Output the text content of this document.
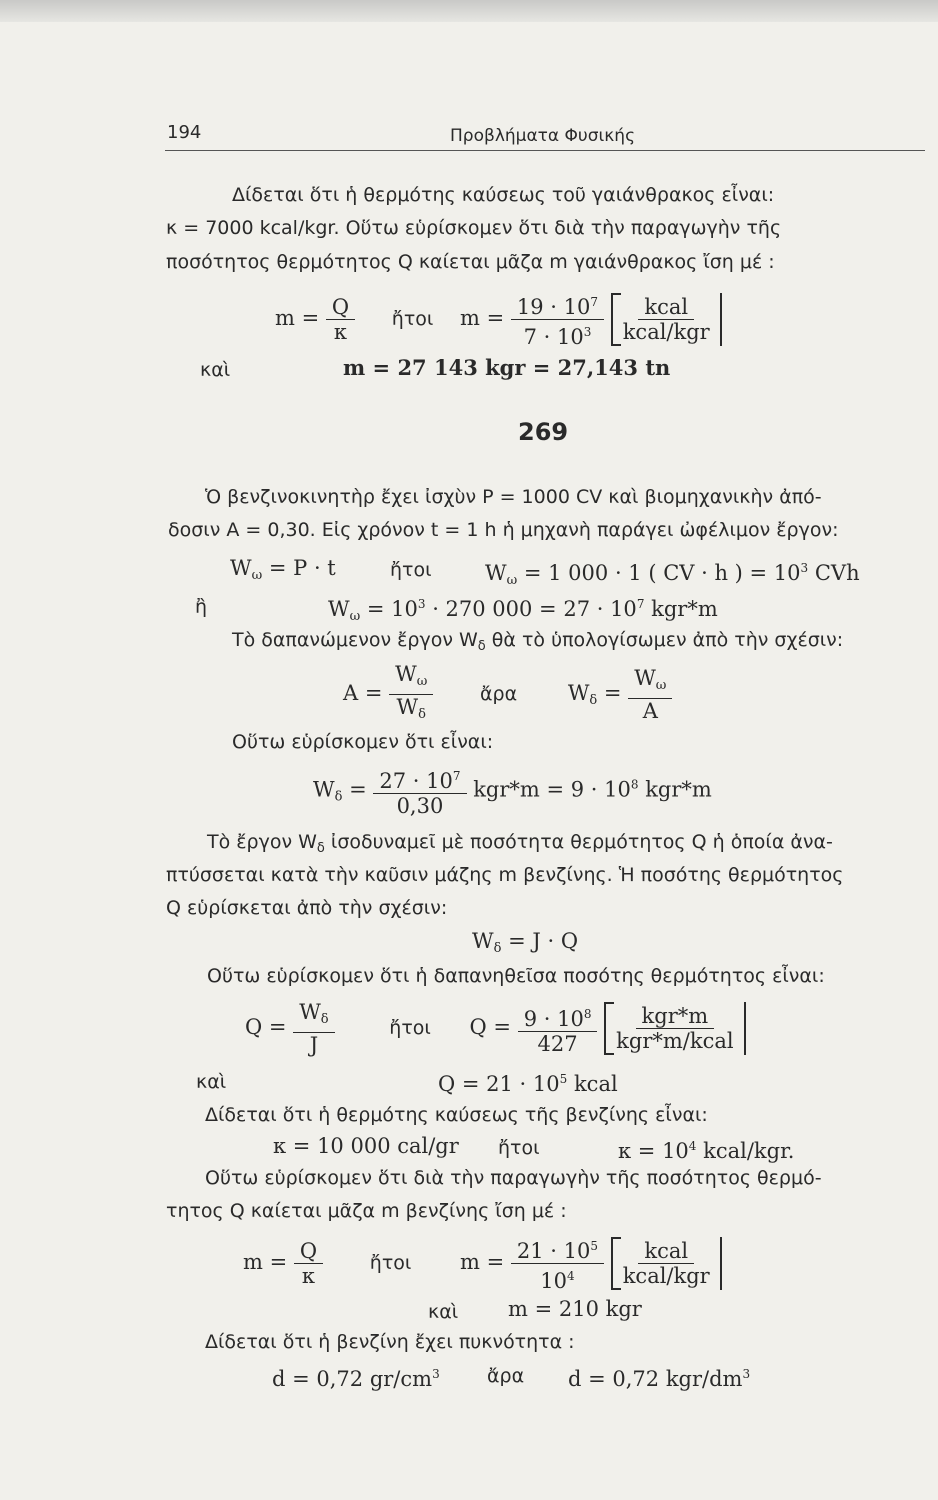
194	Προβλήματα Φυσικής
Δίδεται ὅτι ἡ θερμότης καύσεως τοῦ γαιάνθρακος εἶναι:
κ = 7000 kcal/kgr. Οὕτω εὑρίσκομεν ὅτι διὰ τὴν παραγωγὴν τῆς
ποσότητος θερμότητος Q καίεται μᾶζα m γαιάνθρακος ἴση μέ :
$m = \frac{Q}{\kappa}$ ἤτοι $m = \frac{19 \cdot 10^7}{7 \cdot 10^3}$
$\frac{\text{kcal}}{\text{kcal/kgr}}$
καὶ	m = 27 143 kgr = 27,143 tn
269
Ὁ βενζινοκινητὴρ ἔχει ἰσχὺν P = 1000 CV καὶ βιομηχανικὴν ἀπό-
δοσιν A = 0,30. Εἰς χρόνον t = 1 h ἡ μηχανὴ παράγει ὠφέλιμον ἔργον:
$W_\omega = P \cdot t$	ἤτοι	$W_\omega = 1$ 000 · 1 ( CV · h ) = $10^3$ CVh
ἢ	$W_\omega = 10^3 \cdot 270$ $000 = 27 \cdot 10^7$ kgr*m
Τὸ δαπανώμενον ἔργον $W_\delta$ θὰ τὸ ὑπολογίσωμεν ἀπὸ τὴν σχέσιν:
$A = \frac{W_\omega}{W_\delta}$ ἄρα $W_\delta = \frac{W_\omega}{A}$
Οὕτω εὑρίσκομεν ὅτι εἶναι:
$W_\delta = \frac{27 \cdot 10^7}{0,30} kgr*m = 9 \cdot 10^8$ kgr*m
Τὸ ἔργον $W_\delta$ ἰσοδυναμεῖ μὲ ποσότητα θερμότητος Q ἡ ὁποία ἀνα-
πτύσσεται κατὰ τὴν καῦσιν μάζης m βενζίνης. Ἡ ποσότης θερμότητος
Q εὑρίσκεται ἀπὸ τὴν σχέσιν:
$W_\delta = J \cdot Q$
Οὕτω εὑρίσκομεν ὅτι ἡ δαπανηθεῖσα ποσότης θερμότητος εἶναι:
$Q = \frac{W_\delta}{J}$	ἤτοι $Q = \frac{9 \cdot 10^8}{427}$
$\frac{\text{kgr*m}}{\text{kgr*m/kcal}}$
καὶ	$Q = 21 \cdot 10^5$ kcal
Δίδεται ὅτι ἡ θερμότης καύσεως τῆς βενζίνης εἶναι:
κ = 10 000 cal/gr ἤτοι	$\kappa = 10^4$ kcal/kgr.
Οὕτω εὑρίσκομεν ὅτι διὰ τὴν παραγωγὴν τῆς ποσότητος θερμό-
τητος Q καίεται μᾶζα m βενζίνης ἴση μέ :
$m = \frac{Q}{\kappa}$ ἤτοι $m = \frac{21 \cdot 10^5}{10^4}$
$\frac{\text{kcal}}{\text{kcal/kgr}}$
καὶ m = 210 kgr
Δίδεται ὅτι ἡ βενζίνη ἔχει πυκνότητα :
d = 0,72 $gr/cm^3$ ἄρα d = 0,72 kgr/$dm^3$
